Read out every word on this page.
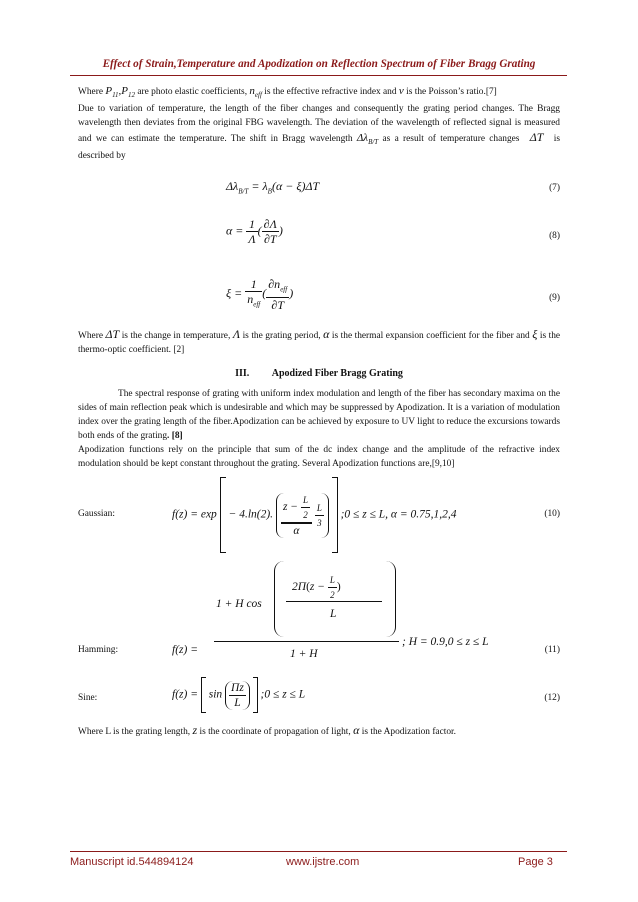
Effect of Strain,Temperature and Apodization on Reflection Spectrum of Fiber Bragg Grating

Where $P_{11},P_{12}$ are photo elastic coefficients, $n_{eff}$ is the effective refractive index and ν is the Poisson’s ratio.[7]

Due to variation of temperature, the length of the fiber changes and consequently the grating period changes. The Bragg wavelength then deviates from the original FBG wavelength. The deviation of the wavelength of reflected signal is measured and we can estimate the temperature. The shift in Bragg wavelength $\Delta\lambda_{B/T}$ as a result of temperature changes ΔT is described by

$\Delta\lambda_{B/T} = \lambda_B(\alpha - \xi)\Delta T$	(7)
$\alpha = \frac{1}{\Lambda}$ ( $\frac{\partial\Lambda}{\partial T}$ )	(8)
$\xi = \frac{1}{n_{eff}}$ ( $\frac{\partial n_{eff}}{\partial T}$ )	(9)

Where ΔT is the change in temperature, Λ is the grating period, α is the thermal expansion coefficient for the fiber and ξ is the thermo-optic coefficient. [2]

III. Apodized Fiber Bragg Grating

The spectral response of grating with uniform index modulation and length of the fiber has secondary maxima on the sides of main reflection peak which is undesirable and which may be suppressed by Apodization. It is a variation of modulation index over the grating length of the fiber.Apodization can be achieved by exposure to UV light to reduce the excursions towards both ends of the grating. [8]

Apodization functions rely on the principle that sum of the dc index change and the amplitude of the refractive index modulation should be kept constant throughout the grating. Several Apodization functions are,[9,10]

Gaussian:	f(z) = exp  − 4.ln(2). $\frac{z - \frac{L}{2}}{\alpha}$
$\frac{L}{3}$ ;0 ≤ z ≤ L, α = 0.75,1,2,4	(10)
Hamming:	f(z) =
1 + H cos
$2\Pi(z - \frac{L}{2}$ )
L
1 + H
; H = 0.9,0 ≤ z ≤ L
(11)
Sine:	$f(z) = \sin \frac{\Pi z}{L}$ ;0 ≤ z ≤ L	(12)

Where L is the grating length, z is the coordinate of propagation of light, α is the Apodization factor.

Manuscript id.544894124	www.ijstre.com	Page 3
